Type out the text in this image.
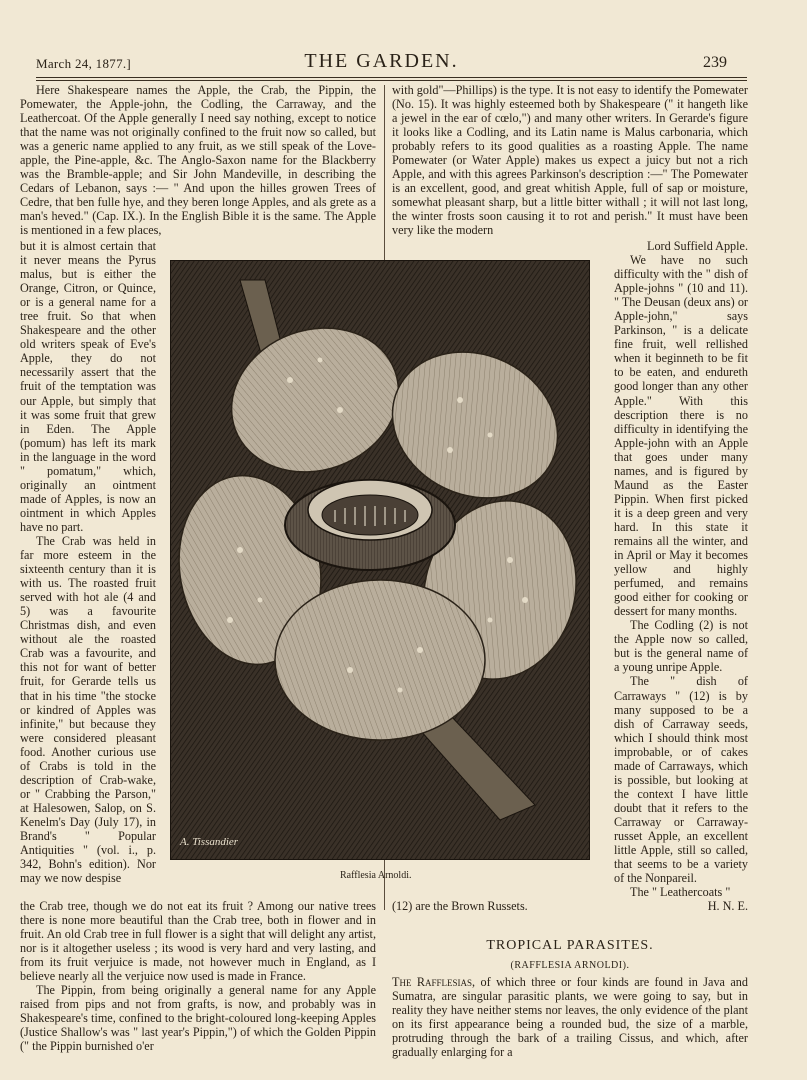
March 24, 1877.]	THE GARDEN.	239

Here Shakespeare names the Apple, the Crab, the Pippin, the Pomewater, the Apple-john, the Codling, the Carraway, and the Leathercoat. Of the Apple generally I need say nothing, except to notice that the name was not originally confined to the fruit now so called, but was a generic name applied to any fruit, as we still speak of the Love-apple, the Pine-apple, &c. The Anglo-Saxon name for the Blackberry was the Bramble-apple; and Sir John Mandeville, in describing the Cedars of Lebanon, says :— " And upon the hilles growen Trees of Cedre, that ben fulle hye, and they beren longe Apples, and als grete as a man's heved." (Cap. IX.). In the English Bible it is the same. The Apple is mentioned in a few places,

with gold"—Phillips) is the type. It is not easy to identify the Pomewater (No. 15). It was highly esteemed both by Shakespeare (" it hangeth like a jewel in the ear of cœlo,") and many other writers. In Gerarde's figure it looks like a Codling, and its Latin name is Malus carbonaria, which probably refers to its good qualities as a roasting Apple. The name Pomewater (or Water Apple) makes us expect a juicy but not a rich Apple, and with this agrees Parkinson's description :—" The Pomewater is an excellent, good, and great whitish Apple, full of sap or moisture, somewhat pleasant sharp, but a little bitter withall ; it will not last long, the winter frosts soon causing it to rot and perish." It must have been very like the modern

but it is almost certain that it never means the Pyrus malus, but is either the Orange, Citron, or Quince, or is a general name for a tree fruit. So that when Shakespeare and the other old writers speak of Eve's Apple, they do not necessarily assert that the fruit of the temptation was our Apple, but simply that it was some fruit that grew in Eden. The Apple (pomum) has left its mark in the language in the word " pomatum," which, originally an ointment made of Apples, is now an ointment in which Apples have no part.

The Crab was held in far more esteem in the sixteenth century than it is with us. The roasted fruit served with hot ale (4 and 5) was a favourite Christmas dish, and even without ale the roasted Crab was a favourite, and this not for want of better fruit, for Gerarde tells us that in his time "the stocke or kindred of Apples was infinite," but because they were considered pleasant food. Another curious use of Crabs is told in the description of Crab-wake, or " Crabbing the Parson," at Halesowen, Salop, on S. Kenelm's Day (July 17), in Brand's " Popular Antiquities " (vol. i., p. 342, Bohn's edition). Nor may we now despise

Lord Suffield Apple.

We have no such difficulty with the " dish of Apple-johns " (10 and 11). " The Deusan (deux ans) or Apple-john," says Parkinson, " is a delicate fine fruit, well rellished when it beginneth to be fit to be eaten, and endureth good longer than any other Apple." With this description there is no difficulty in identifying the Apple-john with an Apple that goes under many names, and is figured by Maund as the Easter Pippin. When first picked it is a deep green and very hard. In this state it remains all the winter, and in April or May it becomes yellow and highly perfumed, and remains good either for cooking or dessert for many months.

The Codling (2) is not the Apple now so called, but is the general name of a young unripe Apple.

The " dish of Carraways " (12) is by many supposed to be a dish of Carraway seeds, which I should think most improbable, or of cakes made of Carraways, which is possible, but looking at the context I have little doubt that it refers to the Carraway or Carraway-russet Apple, an excellent little Apple, still so called, that seems to be a variety of the Nonpareil.

The " Leathercoats "

A. Tissandier
Rafflesia Arnoldi.

the Crab tree, though we do not eat its fruit ? Among our native trees there is none more beautiful than the Crab tree, both in flower and in fruit. An old Crab tree in full flower is a sight that will delight any artist, nor is it altogether useless ; its wood is very hard and very lasting, and from its fruit verjuice is made, not however much in England, as I believe nearly all the verjuice now used is made in France.

The Pippin, from being originally a general name for any Apple raised from pips and not from grafts, is now, and probably was in Shakespeare's time, confined to the bright-coloured long-keeping Apples (Justice Shallow's was " last year's Pippin,") of which the Golden Pippin (" the Pippin burnished o'er

(12) are the Brown Russets.	H. N. E.
TROPICAL PARASITES.
(RAFFLESIA ARNOLDI).

The Rafflesias, of which three or four kinds are found in Java and Sumatra, are singular parasitic plants, we were going to say, but in reality they have neither stems nor leaves, the only evidence of the plant on its first appearance being a rounded bud, the size of a marble, protruding through the bark of a trailing Cissus, and which, after gradually enlarging for a
